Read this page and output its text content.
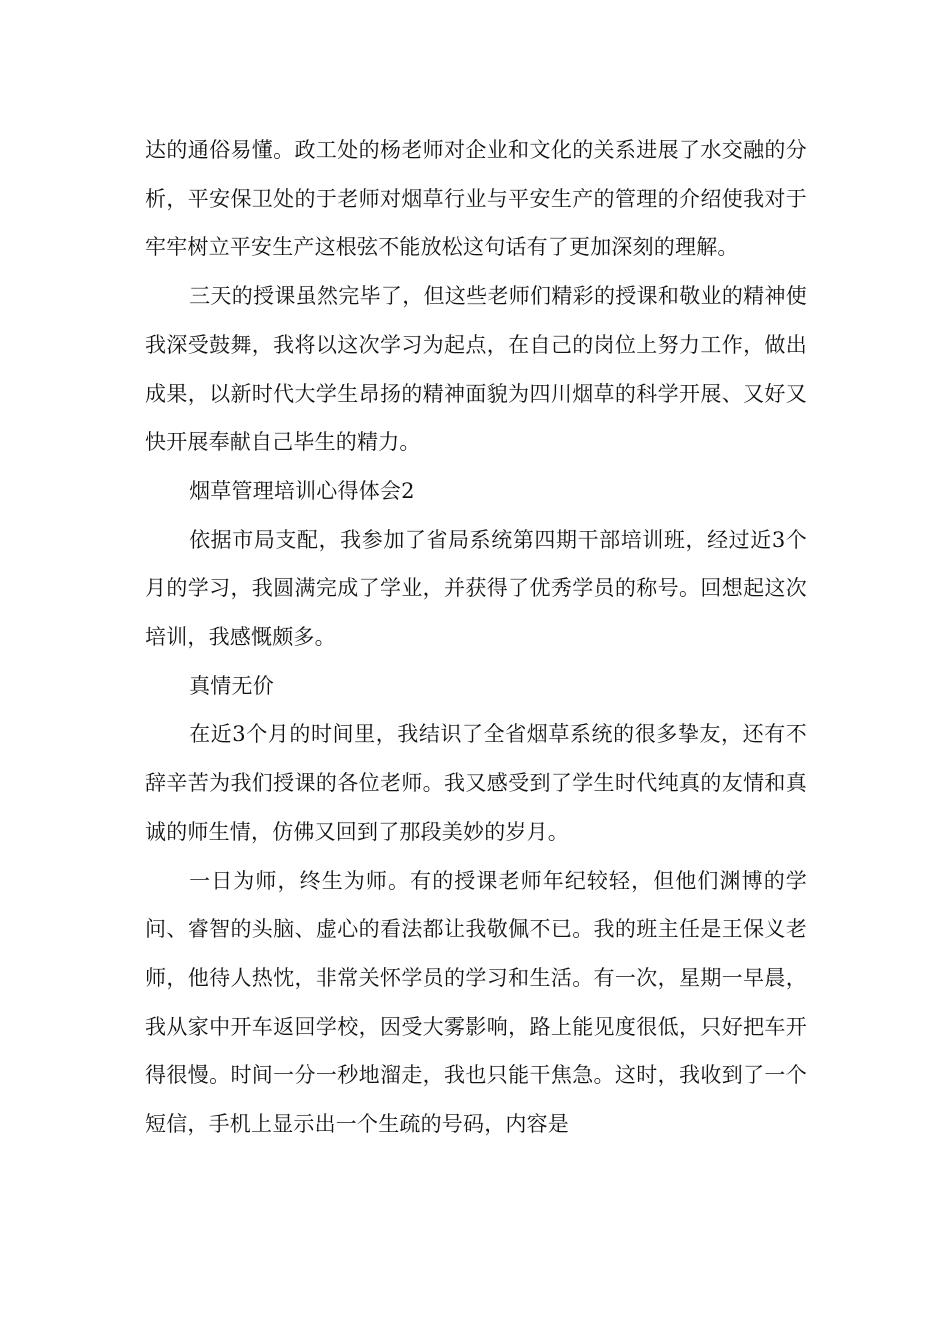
达的通俗易懂。政工处的杨老师对企业和文化的关系进展了水交融的分析，平安保卫处的于老师对烟草行业与平安生产的管理的介绍使我对于牢牢树立平安生产这根弦不能放松这句话有了更加深刻的理解。

三天的授课虽然完毕了，但这些老师们精彩的授课和敬业的精神使我深受鼓舞，我将以这次学习为起点，在自己的岗位上努力工作，做出成果，以新时代大学生昂扬的精神面貌为四川烟草的科学开展、又好又快开展奉献自己毕生的精力。

烟草管理培训心得体会2

依据市局支配，我参加了省局系统第四期干部培训班，经过近3个月的学习，我圆满完成了学业，并获得了优秀学员的称号。回想起这次培训，我感慨颇多。

真情无价

在近3个月的时间里，我结识了全省烟草系统的很多挚友，还有不辞辛苦为我们授课的各位老师。我又感受到了学生时代纯真的友情和真诚的师生情，仿佛又回到了那段美妙的岁月。

一日为师，终生为师。有的授课老师年纪较轻，但他们渊博的学问、睿智的头脑、虚心的看法都让我敬佩不已。我的班主任是王保义老师，他待人热忱，非常关怀学员的学习和生活。有一次，星期一早晨，我从家中开车返回学校，因受大雾影响，路上能见度很低，只好把车开得很慢。时间一分一秒地溜走，我也只能干焦急。这时，我收到了一个短信，手机上显示出一个生疏的号码，内容是
